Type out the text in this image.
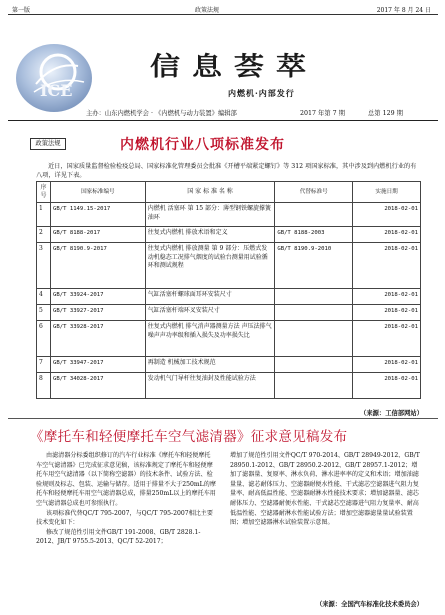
第一版	政策法规	2017 年 8 月 24 日
ICE
信息荟萃
内燃机·内部发行
主办：山东内燃机学会 · 《内燃机与动力装置》编辑部	2017 年第 7 期	总第 129 期
政策法规	内燃机行业八项标准发布

近日，国家质量监督检验检疫总局、国家标准化管理委员会批准《开槽平端紧定螺钉》等 312 项国家标准，其中涉及到内燃机行业的有八项，详见下表。

序号	国家标准编号	国 家 标 准 名 称	代替标准号	实施日期
1	GB/T 1149.15-2017	内燃机 活塞环 第 15 部分：薄型钢铁螺旋撑簧油环		2018-02-01
2	GB/T 8188-2017	往复式内燃机 排放术语和定义	GB/T 8188-2003	2018-02-01
3	GB/T 8190.9-2017	往复式内燃机 排放测量 第 9 部分：压燃式发动机稳态工况排气烟度的试验台测量用试验循环和测试规程	GB/T 8190.9-2010	2018-02-01
4	GB/T 33924-2017	气缸活塞杆螺球面耳环安装尺寸		2018-02-01
5	GB/T 33927-2017	气缸活塞杆端环叉安装尺寸		2018-02-01
6	GB/T 33928-2017	往复式内燃机 排气消声器测量方法 声压法排气噪声声功率级和插入损失及功率损失比		2018-02-01
7	GB/T 33947-2017	再制造 机械加工技术规范		2018-02-01
8	GB/T 34028-2017	发动机气门导杆往复油封及性能试验方法		2018-02-01
（来源：工信部网站）
《摩托车和轻便摩托车空气滤清器》征求意见稿发布

由滤清器分标委组织修订的汽车行业标准《摩托车和轻便摩托车空气滤清器》已完成征求意见稿，该标准规定了摩托车和轻便摩托车用空气滤清器（以下简称空滤器）的技术条件、试验方法、检验规则及标志、包装、运输与储存。适用于排量不大于250mL的摩托车和轻便摩托车用空气滤清器总成，排量250mL以上的摩托车用空气滤清器总成也可参照执行。

该项标准代替QC/T 795-2007，与QC/T 795-2007相比主要技术变化如下：

修改了规范性引用文件GB/T 191-2008、GB/T 2828.1-2012、JB/T 9755.5-2013、QC/T 52-2017；

增加了规范性引用文件QC/T 970-2014、GB/T 28949-2012、GB/T 28950.1-2012、GB/T 28950.2-2012、GB/T 28957.1-2012；增加了滤器量、复原率、淋水负荷、淋水进率率的定义和术语；增加油滤量量、滤芯耐体压力、空滤器耐便水性能、干式滤芯空滤器进气阻力复量率、耐高低温性能、空滤器耐淋水性能技术要求；增加滤器量、滤芯耐体压力、空滤器耐便水性能、干式滤芯空滤器进气阻力复量率、耐高低温性能、空滤器耐淋水性能试验方法；增加空滤器滤量量试验装置图；增加空滤器淋水试验装置示意图。

（来源：全国汽车标准化技术委员会）
